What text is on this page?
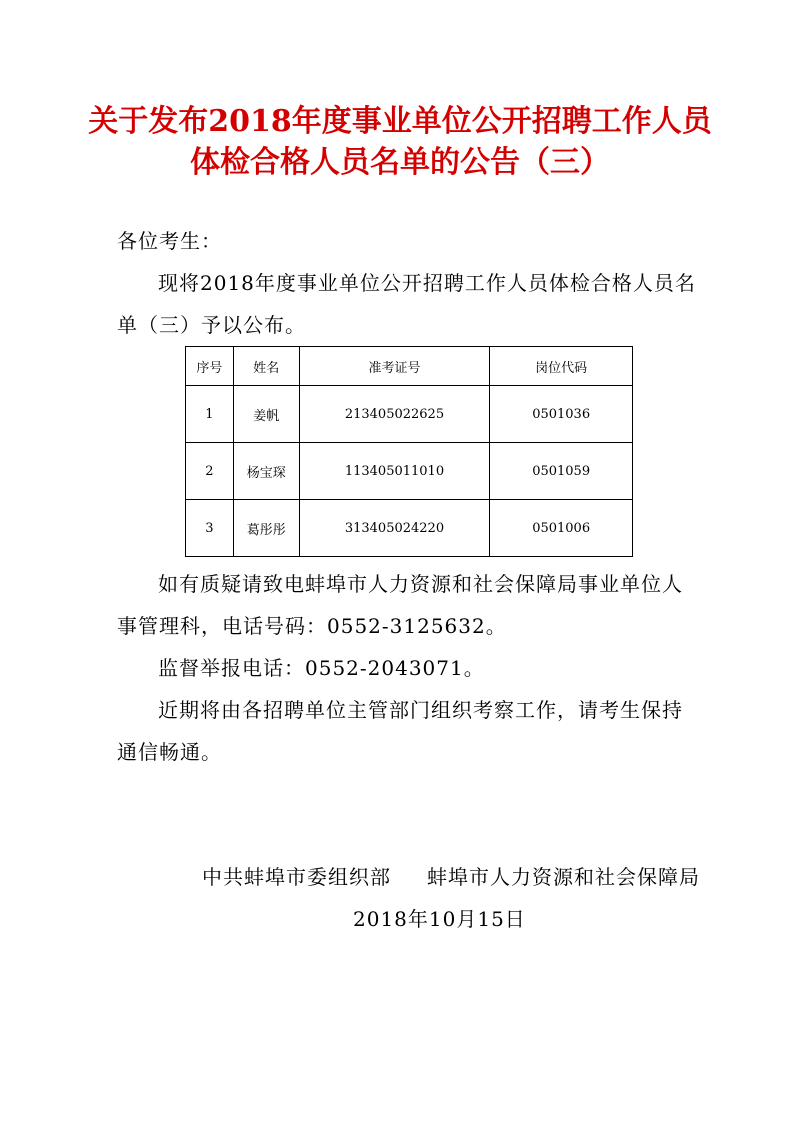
关于发布2018年度事业单位公开招聘工作人员
体检合格人员名单的公告（三）
各位考生：
现将2018年度事业单位公开招聘工作人员体检合格人员名
单（三）予以公布。
序号	姓名	准考证号	岗位代码
1	姜帆	213405022625	0501036
2	杨宝琛	113405011010	0501059
3	葛彤彤	313405024220	0501006
如有质疑请致电蚌埠市人力资源和社会保障局事业单位人
事管理科，电话号码：0552-3125632。
监督举报电话：0552-2043071。
近期将由各招聘单位主管部门组织考察工作，请考生保持
通信畅通。
中共蚌埠市委组织部 蚌埠市人力资源和社会保障局
2018年10月15日
